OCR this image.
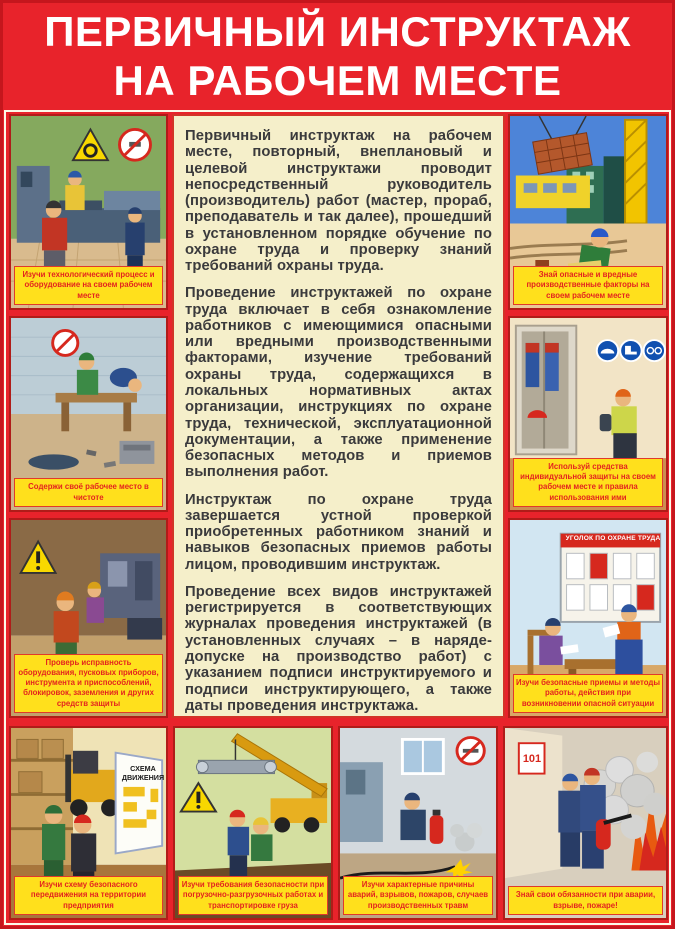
ПЕРВИЧНЫЙ ИНСТРУКТАЖ
НА РАБОЧЕМ МЕСТЕ

Первичный инструктаж на рабочем месте, повторный, внеплановый и целевой инструктажи проводит непосредственный руководитель (производитель) работ (мастер, прораб, преподаватель и так далее), прошедший в установленном порядке обучение по охране труда и проверку знаний требований охраны труда.

Проведение инструктажей по охране труда включает в себя ознакомление работников с имеющимися опасными или вредными производственными факторами, изучение требований охраны труда, содержащихся в локальных нормативных актах организации, инструкциях по охране труда, технической, эксплуатационной документации, а также применение безопасных методов и приемов выполнения работ.

Инструктаж по охране труда завершается устной проверкой приобретенных работником знаний и навыков безопасных приемов работы лицом, проводившим инструктаж.

Проведение всех видов инструктажей регистрируется в соответствующих журналах проведения инструктажей (в установленных случаях – в наряде-допуске на производство работ) с указанием подписи инструктируемого и подписи инструктирующего, а также даты проведения инструктажа.

Изучи технологический процесс и оборудование на своем рабочем месте
Содержи своё рабочее место в чистоте
Проверь исправность оборудования, пусковых приборов, инструмента и приспособлений, блокировок, заземления и других средств защиты
Знай опасные и вредные производственные факторы на своем рабочем месте
Используй средства индивидуальной защиты на своем рабочем месте и правила использования ими
УГОЛОК ПО ОХРАНЕ ТРУДА
Изучи безопасные приемы и методы работы, действия при возникновении опасной ситуации
СХЕМА
ДВИЖЕНИЯ
Изучи схему безопасного передвижения на территории предприятия
Изучи требования безопасности при погрузочно-разгрузочных работах и транспортировке груза
Изучи характерные причины аварий, взрывов, пожаров, случаев производственных травм
101
Знай свои обязанности при аварии, взрыве, пожаре!
